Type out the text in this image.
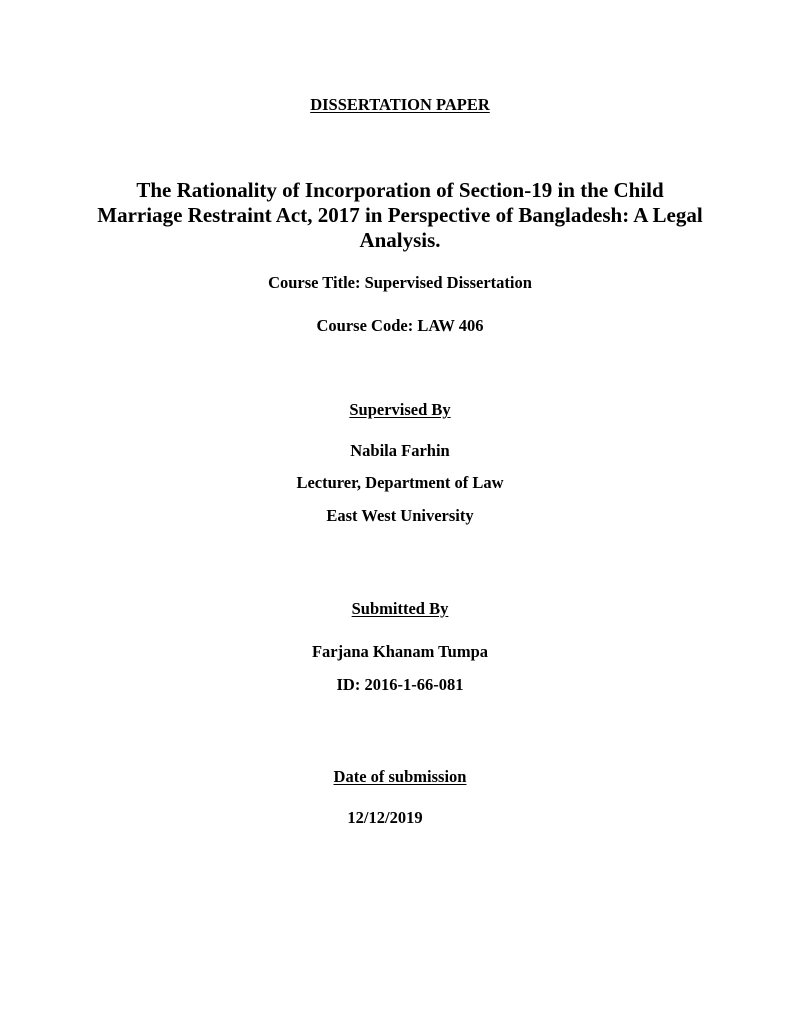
DISSERTATION PAPER
The Rationality of Incorporation of Section-19 in the Child
Marriage Restraint Act, 2017 in Perspective of Bangladesh: A Legal
Analysis.
Course Title: Supervised Dissertation
Course Code: LAW 406
Supervised By
Nabila Farhin
Lecturer, Department of Law
East West University
Submitted By
Farjana Khanam Tumpa
ID: 2016-1-66-081
Date of submission
12/12/2019
